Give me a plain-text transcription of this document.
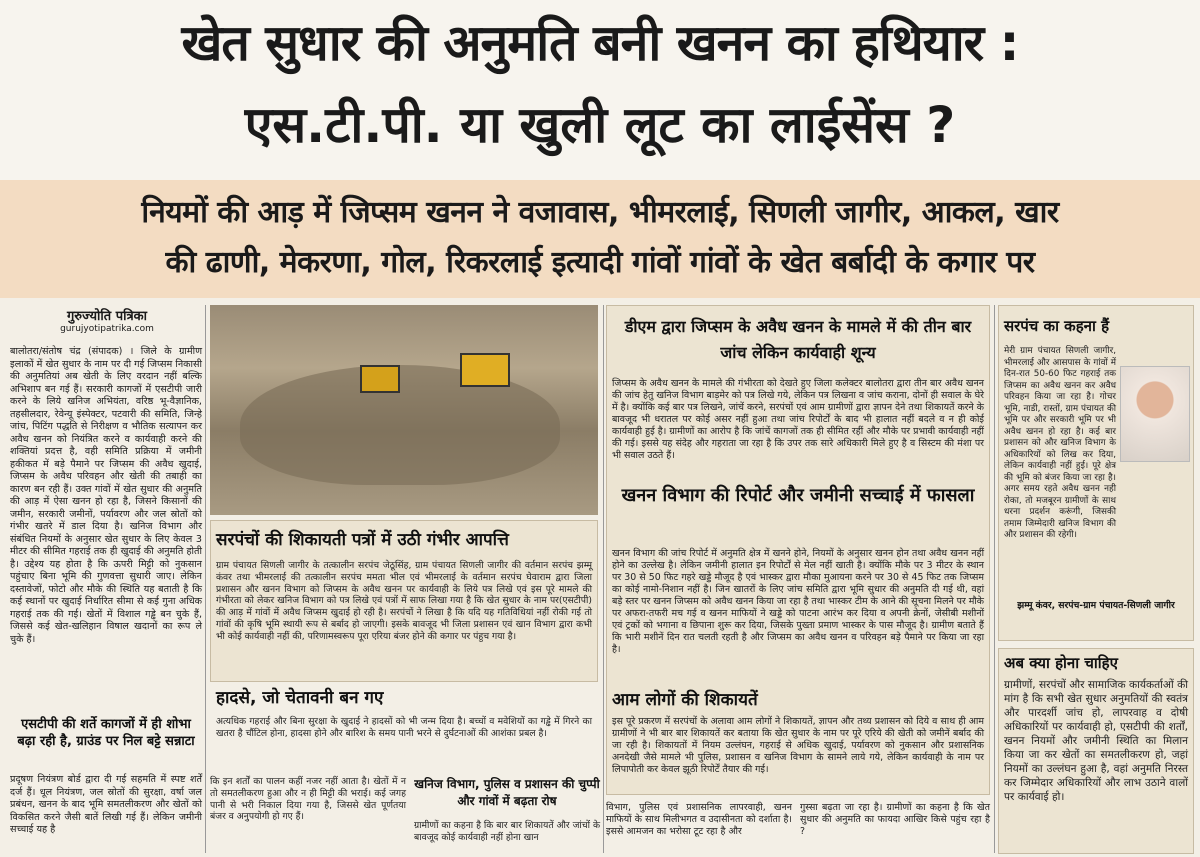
खेत सुधार की अनुमति बनी खनन का हथियार :
एस.टी.पी. या खुली लूट का लाईसेंस ?
नियमों की आड़ में जिप्सम खनन ने वजावास, भीमरलाई, सिणली जागीर, आकल, खार
की ढाणी, मेकरणा, गोल, रिकरलाई इत्यादी गांवों गांवों के खेत बर्बादी के कगार पर
गुरुज्योति पत्रिका
gurujyotipatrika.com
बालोतरा/संतोष चंद्र (संपादक) । जिले के ग्रामीण इलाकों में खेत सुधार के नाम पर दी गई जिप्सम निकासी की अनुमतियां अब खेती के लिए वरदान नहीं बल्कि अभिशाप बन गई हैं। सरकारी कागजों में एसटीपी जारी करने के लिये खनिज अभियंता, वरिष्ठ भू-वैज्ञानिक, तहसीलदार, रेवेन्यू इंस्पेक्टर, पटवारी की समिति, जिन्हे जांच, पिटिंग पद्धति से निरीक्षण व भौतिक सत्यापन कर अवैध खनन को नियंत्रित करने व कार्यवाही करने की शक्तियां प्रदत्त है, वही समिति प्रक्रिया में जमीनी हकीकत में बड़े पैमाने पर जिप्सम की अवैध खुदाई, जिप्सम के अवैध परिवहन और खेती की तबाही का कारण बन रही हैं। उक्त गांवों में खेत सुधार की अनुमति की आड़ में ऐसा खनन हो रहा है, जिसने किसानों की जमीन, सरकारी जमीनों, पर्यावरण और जल स्रोतों को गंभीर खतरे में डाल दिया है। खनिज विभाग और संबंधित नियमों के अनुसार खेत सुधार के लिए केवल 3 मीटर की सीमित गहराई तक ही खुदाई की अनुमति होती है। उद्देश्य यह होता है कि ऊपरी मिट्टी को नुकसान पहुंचाए बिना भूमि की गुणवत्ता सुधारी जाए। लेकिन दस्तावेजों, फोटो और मौके की स्थिति यह बताती है कि कई स्थानों पर खुदाई निर्धारित सीमा से कई गुना अधिक गहराई तक की गई। खेतों में विशाल गड्ढे बन चुके हैं, जिससे कई खेत-खलिहान विषाल खदानों का रूप ले चुके हैं।
एसटीपी की शर्ते कागजों में ही शोभा बढ़ा रही है, ग्राउंड पर निल बट्टे सन्नाटा
प्रदूषण नियंत्रण बोर्ड द्वारा दी गई सहमति में स्पष्ट शर्तें दर्ज हैं। धूल नियंत्रण, जल स्रोतों की सुरक्षा, वर्षा जल प्रबंधन, खनन के बाद भूमि समतलीकरण और खेतों को विकसित करने जैसी बातें लिखी गई हैं। लेकिन जमीनी सच्चाई यह है
सरपंचों की शिकायती पत्रों में उठी गंभीर आपत्ति
ग्राम पंचायत सिणली जागीर के तत्कालीन सरपंच जेठूसिंह, ग्राम पंचायत सिणली जागीर की वर्तमान सरपंच झम्मू कंवर तथा भीमरलाई की तत्कालीन सरपंच ममता भील एवं भीमरलाई के वर्तमान सरपंच घेवाराम द्वारा जिला प्रशासन और खनन विभाग को जिप्सम के अवैध खनन पर कार्यवाही के लिये पत्र लिखे एवं इस पूरे मामले की गंभीरता को लेकर खनिज विभाग को पत्र लिखे एवं पत्रों में साफ लिखा गया है कि खेत सुधार के नाम पर(एसटीपी) की आड़ में गांवों में अवैध जिप्सम खुदाई हो रही है। सरपंचों ने लिखा है कि यदि यह गतिविधियां नहीं रोकी गई तो गांवों की कृषि भूमि स्थायी रूप से बर्बाद हो जाएगी। इसके बावजूद भी जिला प्रशासन एवं खान विभाग द्वारा कभी भी कोई कार्यवाही नहीं की, परिणामस्वरूप पूरा एरिया बंजर होने की कगार पर पंहुच गया है।
हादसे, जो चेतावनी बन गए
अत्यधिक गहराई और बिना सुरक्षा के खुदाई ने हादसों को भी जन्म दिया है। बच्चों व मवेशियों का गड्ढे में गिरने का खतरा है चौंटिल होना, हादसा होने और बारिश के समय पानी भरने से दुर्घटनाओं की आशंका प्रबल है।
कि इन शर्तों का पालन कहीं नजर नहीं आता है। खेतों में न तो समतलीकरण हुआ और न ही मिट्टी की भराई। कई जगह पानी से भरी निकाल दिया गया है, जिससे खेत पूर्णतया बंजर व अनुपयोगी हो गए हैं।
खनिज विभाग, पुलिस व प्रशासन की चुप्पी और गांवों में बढ़ता रोष
ग्रामीणों का कहना है कि बार बार शिकायतें और जांचों के बावजूद कोई कार्यवाही नहीं होना खान
डीएम द्वारा जिप्सम के अवैध खनन के मामले में की तीन बार जांच लेकिन कार्यवाही शून्य
जिप्सम के अवैध खनन के मामले की गंभीरता को देखते हुए जिला कलेक्टर बालोतरा द्वारा तीन बार अवैध खनन की जांच हेतु खनिज विभाग बाड़मेर को पत्र लिखे गये, लेकिन पत्र लिखना व जांच कराना, दोनों ही सवाल के घेरे में है। क्योंकि कई बार पत्र लिखने, जांचें करने, सरपंचों एवं आम ग्रामीणों द्वारा ज्ञापन देने तथा शिकायतें करने के बावजूद भी धरातल पर कोई असर नहीं हुआ तथा जांच रिपोर्टों के बाद भी हालात नहीं बदले व न ही कोई कार्यवाही हुई है। ग्रामीणों का आरोप है कि जांचें कागजों तक ही सीमित रहीं और मौके पर प्रभावी कार्यवाही नहीं की गई। इससे यह संदेह और गहराता जा रहा है कि उपर तक सारे अधिकारी मिले हुए है व सिस्टम की मंशा पर भी सवाल उठते हैं।
खनन विभाग की रिपोर्ट और जमीनी सच्चाई में फासला
खनन विभाग की जांच रिपोर्ट में अनुमति क्षेत्र में खनने होने, नियमों के अनुसार खनन होन तथा अवैध खनन नहीं होने का उल्लेख है। लेकिन जमीनी हालात इन रिपोर्टों से मेल नहीं खाती है। क्योंकि मौके पर 3 मीटर के स्थान पर 30 से 50 फिट गहरे खड्डे मौजूद है एवं भास्कर द्वारा मौका मुआयना करने पर 30 से 45 फिट तक जिप्सम का कोई नामो-निशान नहीं है। जिन खातरों के लिए जांच समिति द्वारा भूमि सुधार की अनुमति दी गई थी, वहां बड़े स्तर पर खनन जिप्सम को अवैध खनन किया जा रहा है तथा भास्कर टीम के आने की सूचना मिलने पर मौके पर अफरा-तफरी मच गई व खनन माफियों ने खड्डे को पाटना आरंभ कर दिया व अपनी क्रेनों, जेसीबी मशीनों एवं ट्रकों को भगाना व छिपाना शुरू कर दिया, जिसके पुख्ता प्रमाण भास्कर के पास मौजूद है। ग्रामीण बताते हैं कि भारी मशीनें दिन रात चलती रहती है और जिप्सम का अवैध खनन व परिवहन बड़े पैमाने पर किया जा रहा है।
आम लोगों की शिकायतें
इस पूरे प्रकरण में सरपंचों के अलावा आम लोगों ने शिकायतें, ज्ञापन और तथ्य प्रशासन को दिये व साथ ही आम ग्रामीणों ने भी बार बार शिकायतें कर बताया कि खेत सुधार के नाम पर पूरे एरिये की खेती को जमीनें बर्बाद की जा रही है। शिकायतों में नियम उल्लंघन, गहराई से अधिक खुदाई, पर्यावरण को नुकसान और प्रशासनिक अनदेखी जैसे मामले भी पुलिस, प्रशासन व खनिज विभाग के सामने लाये गये, लेकिन कार्यवाही के नाम पर लिपापोती कर केवल झूठी रिपोर्टें तैयार की गई।
विभाग, पुलिस एवं प्रशासनिक लापरवाही, खनन माफियों के साथ मिलीभगत व उदासीनता को दर्शाता है। इससे आमजन का भरोसा टूट रहा है और
गुस्सा बढ़ता जा रहा है। ग्रामीणों का कहना है कि खेत सुधार की अनुमति का फायदा आखिर किसे पहुंच रहा है ?
सरपंच का कहना हैं
मेरी ग्राम पंचायत सिणली जागीर, भीमरलाई और आसपास के गांवों में दिन-रात 50-60 फिट गहराई तक जिप्सम का अवैध खनन कर अवैध परिवहन किया जा रहा है। गोचर भूमि, नाडी, रास्तों, ग्राम पंचायत की भूमि पर और सरकारी भूमि पर भी अवैध खनन हो रहा है। कई बार प्रशासन को और खनिज विभाग के अधिकारियों को लिख कर दिया, लेकिन कार्यवाही नहीं हुई। पूरे क्षेत्र की भूमि को बंजर किया जा रहा है। अगर समय रहते अवैध खनन नही रोका, तो मजबूरन ग्रामीणों के साथ धरना प्रदर्शन करूंगी, जिसकी तमाम जिम्मेदारी खनिज विभाग की और प्रशासन की रहेगी।
झम्मू कंवर, सरपंच-ग्राम पंचायत-सिणली जागीर
अब क्या होना चाहिए
ग्रामीणों, सरपंचों और सामाजिक कार्यकर्ताओं की मांग है कि सभी खेत सुधार अनुमतियों की स्वतंत्र और पारदर्शी जांच हो, लापरवाह व दोषी अधिकारियों पर कार्यवाही हो, एसटीपी की शर्तों, खनन नियमों और जमीनी स्थिति का मिलान किया जा कर खेतों का समतलीकरण हो, जहां नियमों का उल्लंघन हुआ है, वहां अनुमति निरस्त कर जिम्मेदार अधिकारियों और लाभ उठाने वालों पर कार्यवाई हो।
